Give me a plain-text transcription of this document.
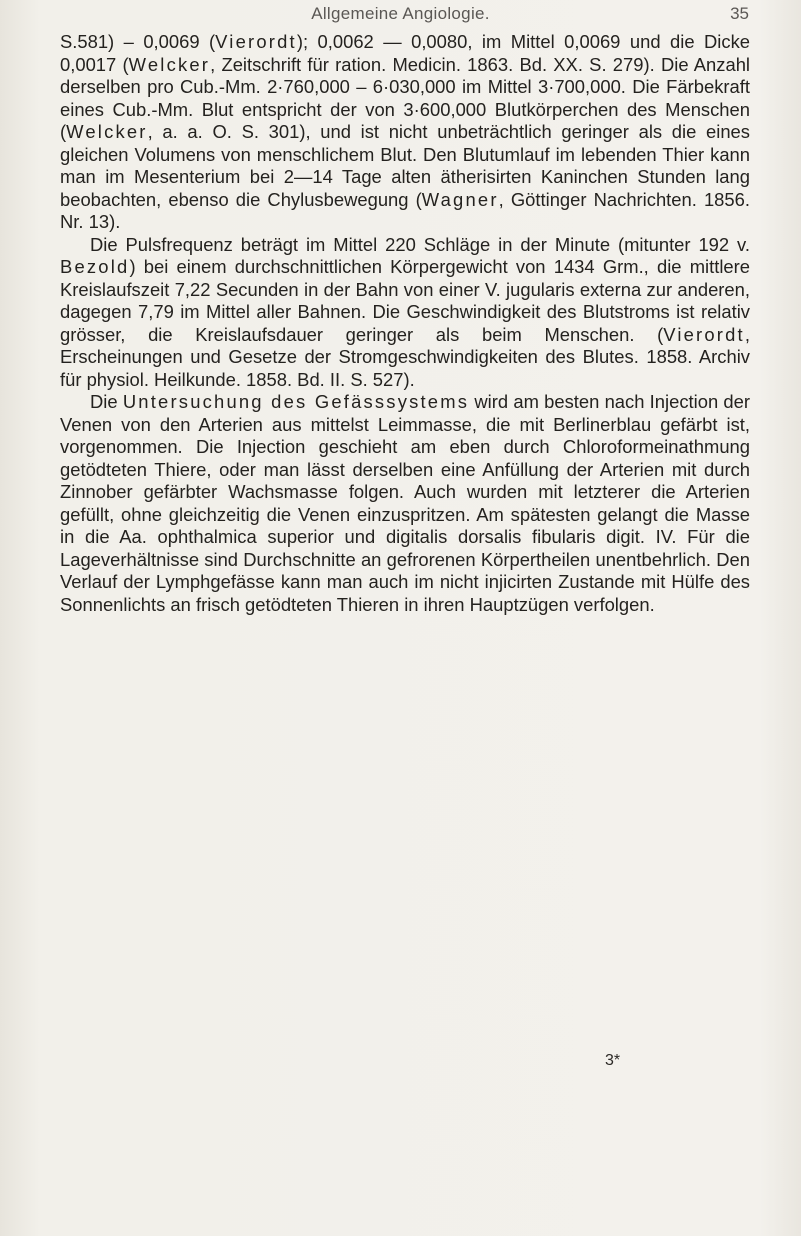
Allgemeine Angiologie.	35

S.581) – 0,0069 (Vierordt); 0,0062 — 0,0080, im Mittel 0,0069 und die Dicke 0,0017 (Welcker, Zeitschrift für ration. Medicin. 1863. Bd. XX. S. 279). Die Anzahl derselben pro Cub.-Mm. 2·760,000 – 6·030,000 im Mittel 3·700,000. Die Färbekraft eines Cub.-Mm. Blut entspricht der von 3·600,000 Blutkörperchen des Menschen (Welcker, a. a. O. S. 301), und ist nicht unbeträchtlich geringer als die eines gleichen Volumens von menschlichem Blut. Den Blutumlauf im lebenden Thier kann man im Mesenterium bei 2—14 Tage alten ätherisirten Kaninchen Stunden lang beobachten, ebenso die Chylusbewegung (Wagner, Göttinger Nachrichten. 1856. Nr. 13).

Die Pulsfrequenz beträgt im Mittel 220 Schläge in der Minute (mitunter 192 v. Bezold) bei einem durchschnittlichen Körpergewicht von 1434 Grm., die mittlere Kreislaufszeit 7,22 Secunden in der Bahn von einer V. jugularis externa zur anderen, dagegen 7,79 im Mittel aller Bahnen. Die Geschwindigkeit des Blutstroms ist relativ grösser, die Kreislaufsdauer geringer als beim Menschen. (Vierordt, Erscheinungen und Gesetze der Stromgeschwindigkeiten des Blutes. 1858. Archiv für physiol. Heilkunde. 1858. Bd. II. S. 527).

Die Untersuchung des Gefässsystems wird am besten nach Injection der Venen von den Arterien aus mittelst Leimmasse, die mit Berlinerblau gefärbt ist, vorgenommen. Die Injection geschieht am eben durch Chloroformeinathmung getödteten Thiere, oder man lässt derselben eine Anfüllung der Arterien mit durch Zinnober gefärbter Wachsmasse folgen. Auch wurden mit letzterer die Arterien gefüllt, ohne gleichzeitig die Venen einzuspritzen. Am spätesten gelangt die Masse in die Aa. ophthalmica superior und digitalis dorsalis fibularis digit. IV. Für die Lageverhältnisse sind Durchschnitte an gefrorenen Körpertheilen unentbehrlich. Den Verlauf der Lymphgefässe kann man auch im nicht injicirten Zustande mit Hülfe des Sonnenlichts an frisch getödteten Thieren in ihren Hauptzügen verfolgen.

3*
